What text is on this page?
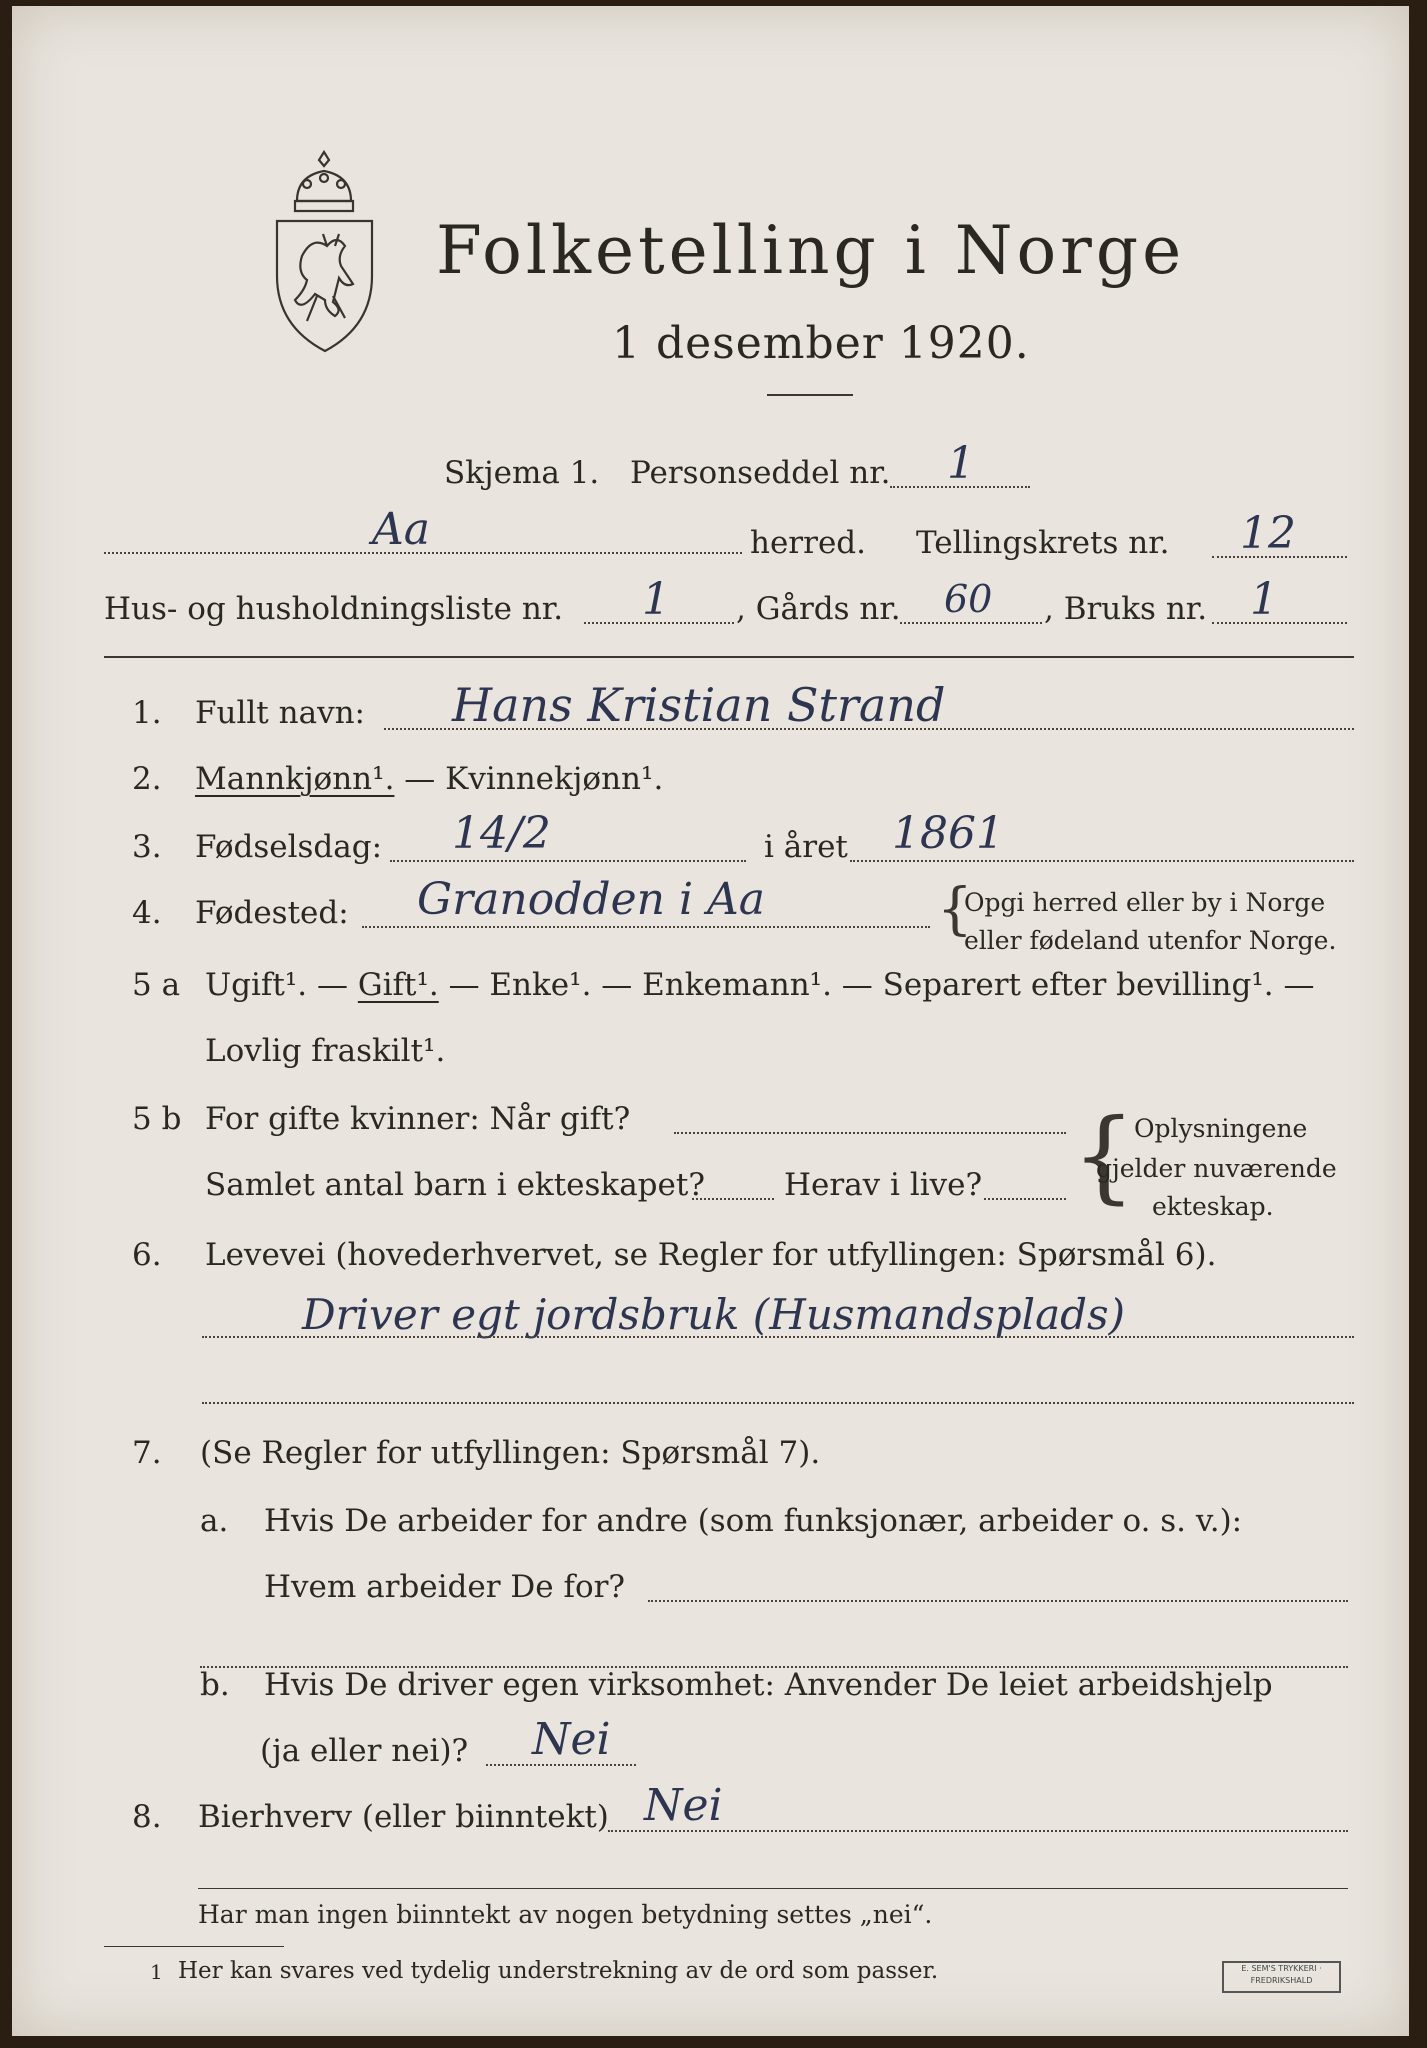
Folketelling i Norge
1 desember 1920.
Skjema 1. Personseddel nr. 1
Aa	herred. Tellingskrets nr. 12
Hus- og husholdningsliste nr. 1 , Gårds nr. 60 , Bruks nr. 1
1. Fullt navn: Hans Kristian Strand
2. Mannkjønn¹. — Kvinnekjønn¹.
3. Fødselsdag: 14/2	i året 1861
4. Fødested: Granodden i Aa	{
Opgi herred eller by i Norge
eller fødeland utenfor Norge.
5 a Ugift¹. — Gift¹. — Enke¹. — Enkemann¹. — Separert efter bevilling¹. —
Lovlig fraskilt¹.
5 b For gifte kvinner: Når gift?
Samlet antal barn i ekteskapet?	Herav i live? {
Oplysningene
gjelder nuværende
ekteskap.
6. Levevei (hovederhvervet, se Regler for utfyllingen: Spørsmål 6).
Driver egt jordsbruk (Husmandsplads)
7. (Se Regler for utfyllingen: Spørsmål 7).
a. Hvis De arbeider for andre (som funksjonær, arbeider o. s. v.):
Hvem arbeider De for?
b. Hvis De driver egen virksomhet: Anvender De leiet arbeidshjelp
(ja eller nei)? Nei
8. Bierhverv (eller biinntekt) Nei
Har man ingen biinntekt av nogen betydning settes „nei“.
1 Her kan svares ved tydelig understrekning av de ord som passer.	E. SEM'S TRYKKERI · FREDRIKSHALD
